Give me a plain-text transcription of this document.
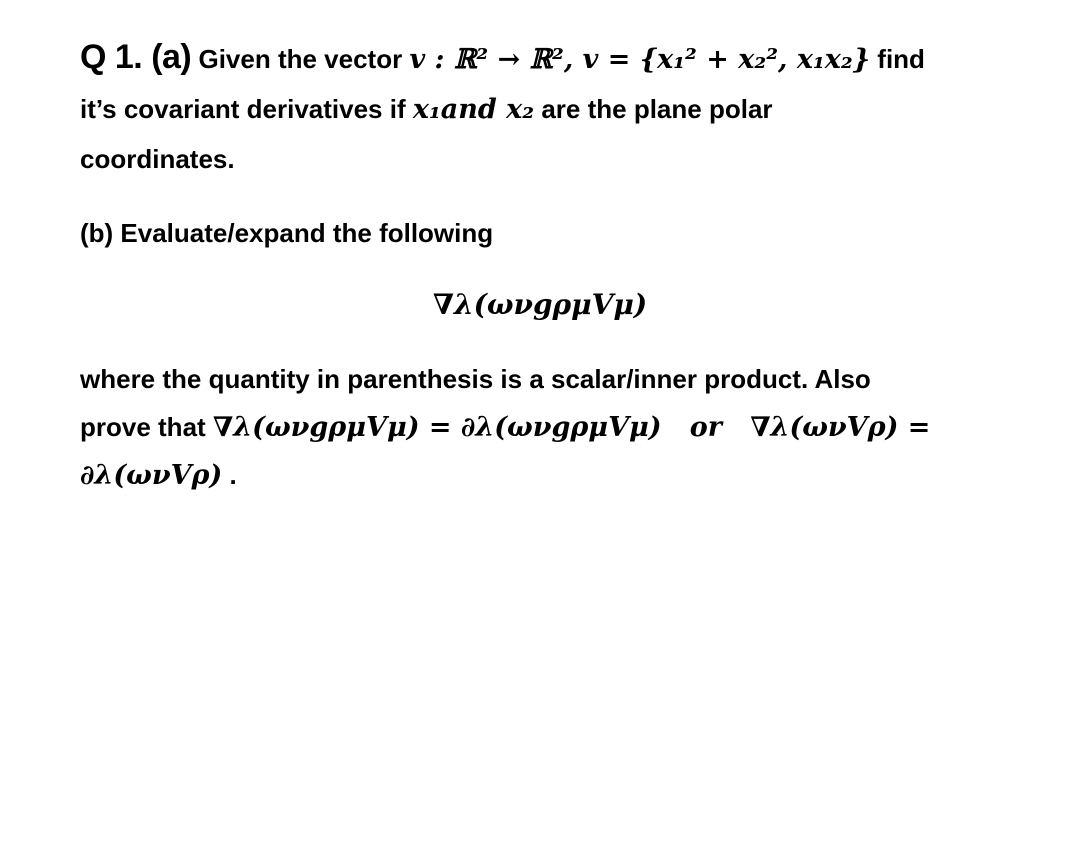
Q 1. (a) Given the vector v : ℝ² → ℝ², v = {x₁² + x₂², x₁x₂} find
it’s covariant derivatives if x₁and x₂ are the plane polar
coordinates.
(b) Evaluate/expand the following
∇λ(ωνgρμVμ)
where the quantity in parenthesis is a scalar/inner product. Also
prove that ∇λ(ωνgρμVμ) = ∂λ(ωνgρμVμ)   or   ∇λ(ωνVρ) =
∂λ(ωνVρ) .
